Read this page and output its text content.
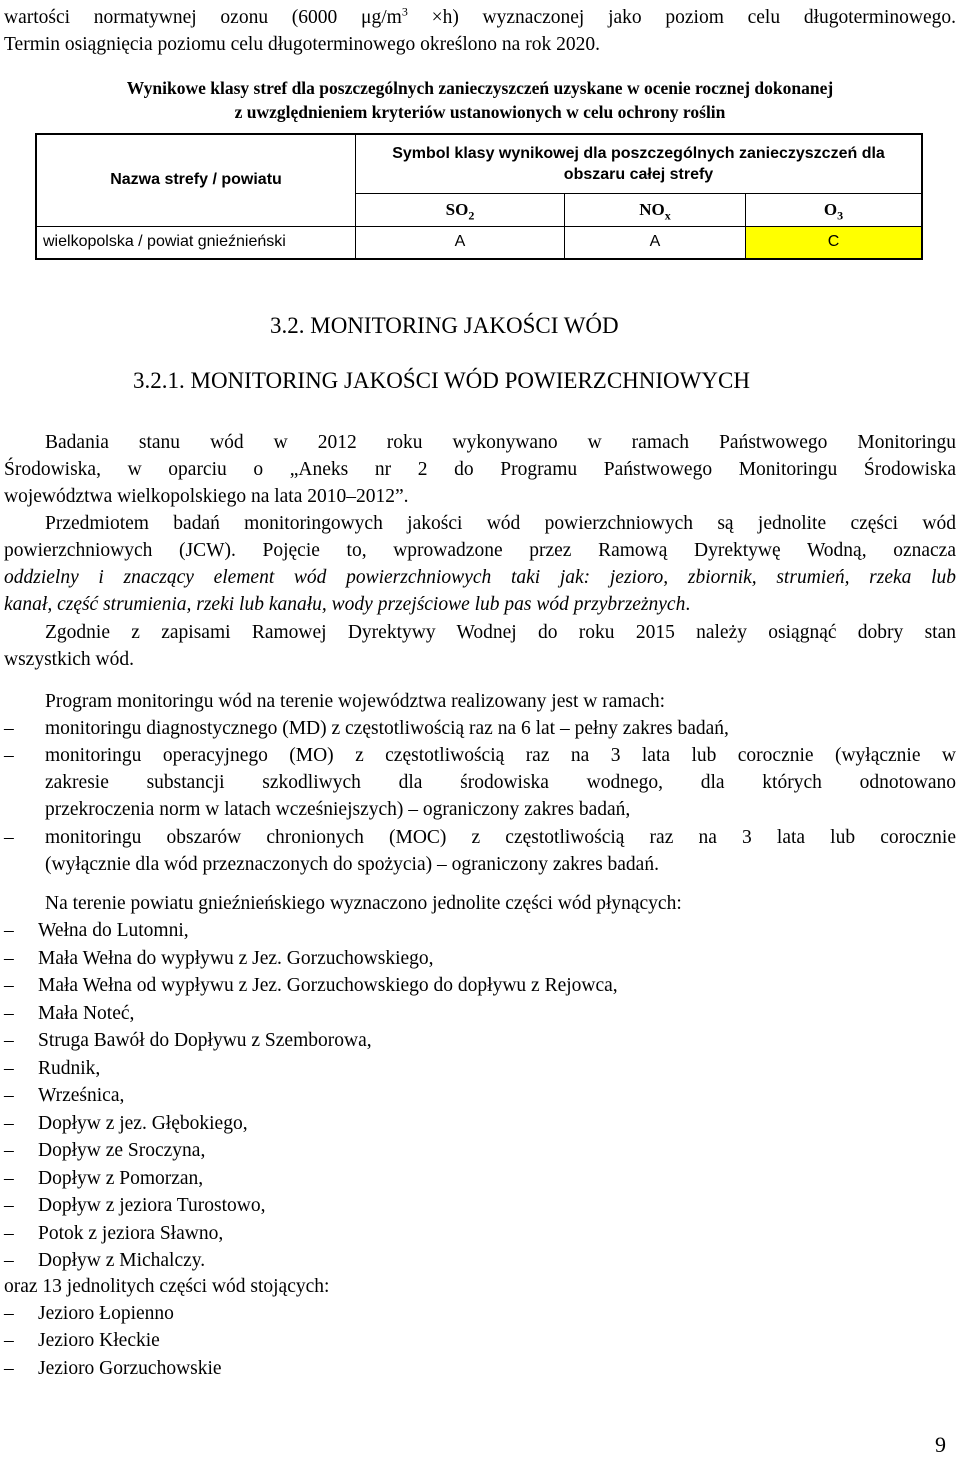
wartości normatywnej ozonu (6000 $\mu g/m^3 \times h$) wyznaczonej jako poziom celu długoterminowego.
Termin osiągnięcia poziomu celu długoterminowego określono na rok 2020.
Wynikowe klasy stref dla poszczególnych zanieczyszczeń uzyskane w ocenie rocznej dokonanej
z uwzględnieniem kryteriów ustanowionych w celu ochrony roślin
Nazwa strefy / powiatu	Symbol klasy wynikowej dla poszczególnych zanieczyszczeń dla obszaru całej strefy		
	$SO_2$	$NO_x$	$O_3$
wielkopolska / powiat gnieźnieński	A	A	C
3.2. MONITORING JAKOŚCI WÓD
3.2.1. MONITORING JAKOŚCI WÓD POWIERZCHNIOWYCH
Badania stanu wód w 2012 roku wykonywano w ramach Państwowego Monitoringu
Środowiska, w oparciu o „Aneks nr 2 do Programu Państwowego Monitoringu Środowiska
województwa wielkopolskiego na lata 2010–2012”.
Przedmiotem badań monitoringowych jakości wód powierzchniowych są jednolite części wód
powierzchniowych (JCW). Pojęcie to, wprowadzone przez Ramową Dyrektywę Wodną, oznacza
oddzielny i znaczący element wód powierzchniowych taki jak: jezioro, zbiornik, strumień, rzeka lub
kanał, część strumienia, rzeki lub kanału, wody przejściowe lub pas wód przybrzeżnych.
Zgodnie z zapisami Ramowej Dyrektywy Wodnej do roku 2015 należy osiągnąć dobry stan
wszystkich wód.
Program monitoringu wód na terenie województwa realizowany jest w ramach:
–	monitoringu diagnostycznego (MD) z częstotliwością raz na 6 lat – pełny zakres badań,
–	monitoringu operacyjnego (MO) z częstotliwością raz na 3 lata lub corocznie (wyłącznie w
zakresie substancji szkodliwych dla środowiska wodnego, dla których odnotowano
przekroczenia norm w latach wcześniejszych) – ograniczony zakres badań,
–	monitoringu obszarów chronionych (MOC) z częstotliwością raz na 3 lata lub corocznie
(wyłącznie dla wód przeznaczonych do spożycia) – ograniczony zakres badań.
Na terenie powiatu gnieźnieńskiego wyznaczono jednolite części wód płynących:
–	Wełna do Lutomni,
–	Mała Wełna do wypływu z Jez. Gorzuchowskiego,
–	Mała Wełna od wypływu z Jez. Gorzuchowskiego do dopływu z Rejowca,
–	Mała Noteć,
–	Struga Bawół do Dopływu z Szemborowa,
–	Rudnik,
–	Wrześnica,
–	Dopływ z jez. Głębokiego,
–	Dopływ ze Sroczyna,
–	Dopływ z Pomorzan,
–	Dopływ z jeziora Turostowo,
–	Potok z jeziora Sławno,
–	Dopływ z Michalczy.
oraz 13 jednolitych części wód stojących:
–	Jezioro Łopienno
–	Jezioro Kłeckie
–	Jezioro Gorzuchowskie
9
